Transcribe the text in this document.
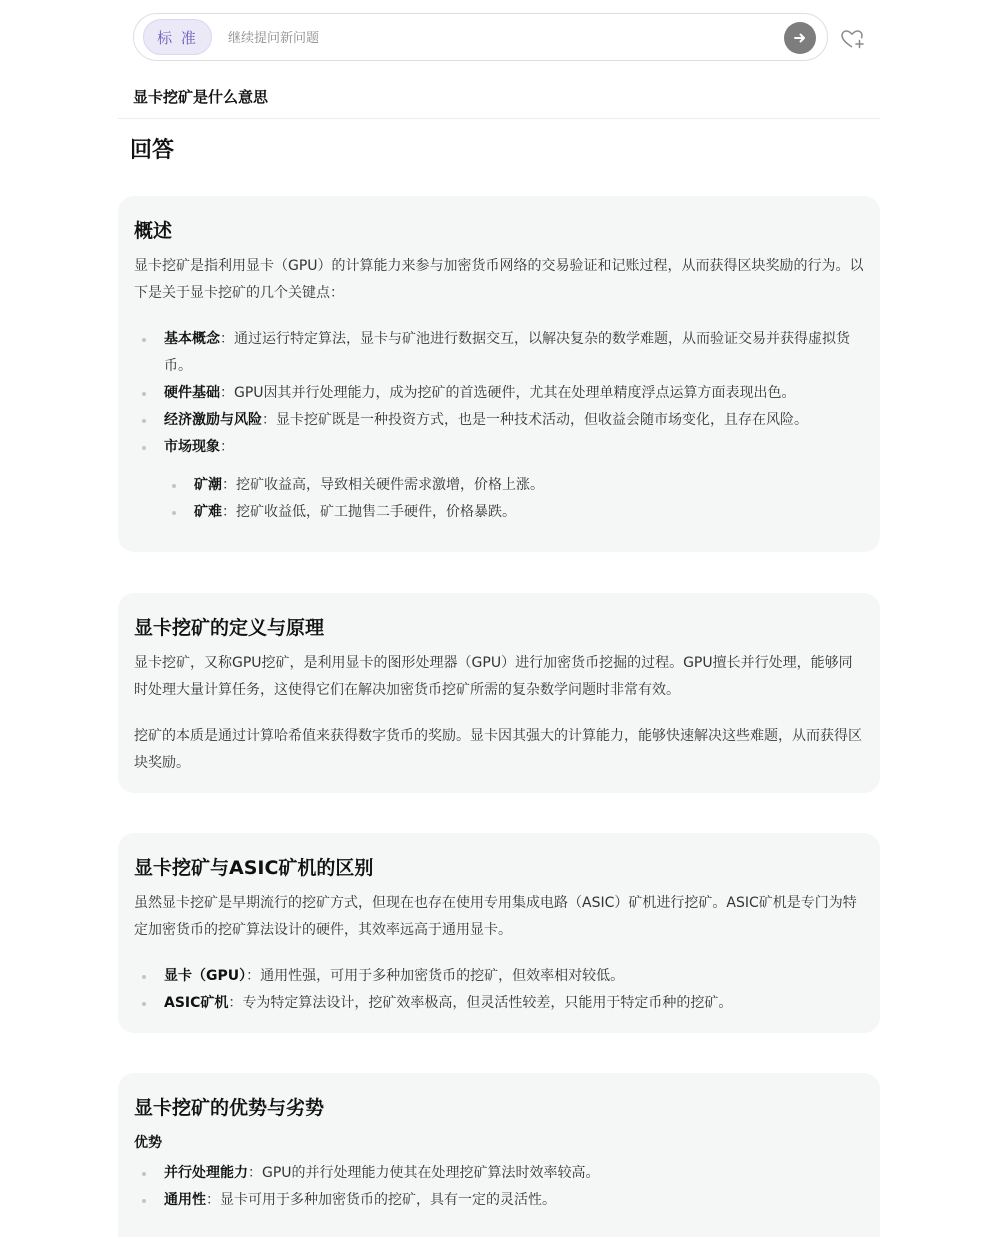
标 准
继续提问新问题
显卡挖矿是什么意思
回答
概述
显卡挖矿是指利用显卡（GPU）的计算能力来参与加密货币网络的交易验证和记账过程，从而获得区块奖励的行为。以下是关于显卡挖矿的几个关键点：
基本概念：通过运行特定算法，显卡与矿池进行数据交互，以解决复杂的数学难题，从而验证交易并获得虚拟货币。
硬件基础：GPU因其并行处理能力，成为挖矿的首选硬件，尤其在处理单精度浮点运算方面表现出色。
经济激励与风险：显卡挖矿既是一种投资方式，也是一种技术活动，但收益会随市场变化，且存在风险。
市场现象：
矿潮：挖矿收益高，导致相关硬件需求激增，价格上涨。
矿难：挖矿收益低，矿工抛售二手硬件，价格暴跌。
显卡挖矿的定义与原理
显卡挖矿，又称GPU挖矿，是利用显卡的图形处理器（GPU）进行加密货币挖掘的过程。GPU擅长并行处理，能够同时处理大量计算任务，这使得它们在解决加密货币挖矿所需的复杂数学问题时非常有效。
挖矿的本质是通过计算哈希值来获得数字货币的奖励。显卡因其强大的计算能力，能够快速解决这些难题，从而获得区块奖励。
显卡挖矿与ASIC矿机的区别
虽然显卡挖矿是早期流行的挖矿方式，但现在也存在使用专用集成电路（ASIC）矿机进行挖矿。ASIC矿机是专门为特定加密货币的挖矿算法设计的硬件，其效率远高于通用显卡。
显卡（GPU）：通用性强，可用于多种加密货币的挖矿，但效率相对较低。
ASIC矿机：专为特定算法设计，挖矿效率极高，但灵活性较差，只能用于特定币种的挖矿。
显卡挖矿的优势与劣势
优势
并行处理能力：GPU的并行处理能力使其在处理挖矿算法时效率较高。
通用性：显卡可用于多种加密货币的挖矿，具有一定的灵活性。
